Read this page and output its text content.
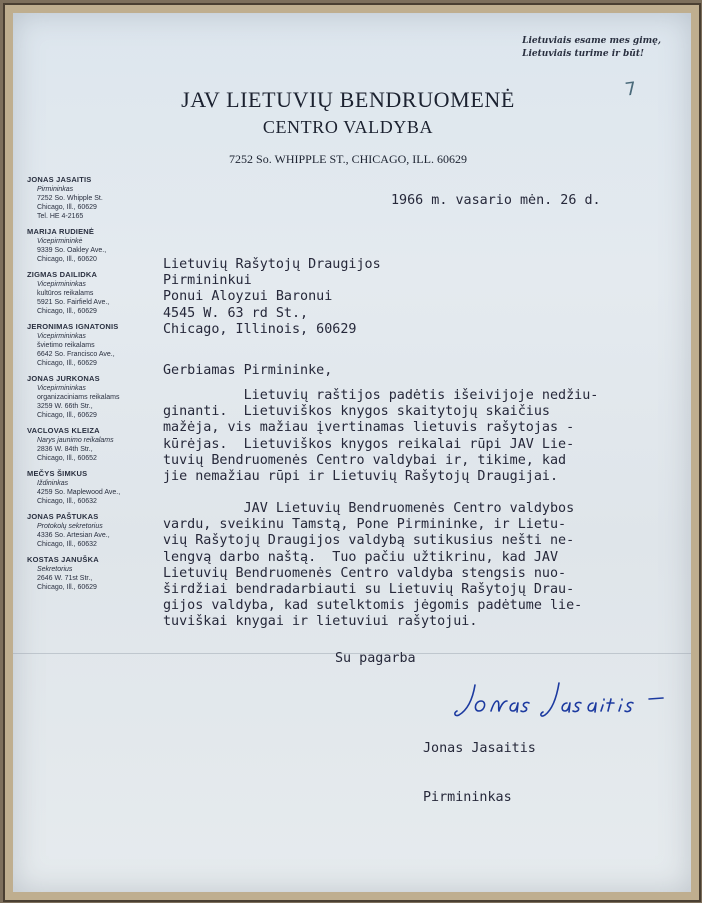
Lietuviais esame mes gimę,
Lietuviais turime ir būt!
7
JAV LIETUVIŲ BENDRUOMENĖ
CENTRO VALDYBA
7252 So. WHIPPLE ST., CHICAGO, ILL. 60629
JONAS JASAITIS
Pirmininkas
7252 So. Whipple St.
Chicago, Ill., 60629
Tel. HE 4-2165
MARIJA RUDIENĖ
Vicepirmininkė
9339 So. Oakley Ave.,
Chicago, Ill., 60620
ZIGMAS DAILIDKA
Vicepirmininkas
kultūros reikalams
5921 So. Fairfield Ave.,
Chicago, Ill., 60629
JERONIMAS IGNATONIS
Vicepirmininkas
švietimo reikalams
6642 So. Francisco Ave.,
Chicago, Ill., 60629
JONAS JURKONAS
Vicepirmininkas
organizaciniams reikalams
3259 W. 66th Str.,
Chicago, Ill., 60629
VACLOVAS KLEIZA
Narys jaunimo reikalams
2836 W. 84th Str.,
Chicago, Ill., 60652
MEČYS ŠIMKUS
Iždininkas
4259 So. Maplewood Ave.,
Chicago, Ill., 60632
JONAS PAŠTUKAS
Protokolų sekretorius
4336 So. Artesian Ave.,
Chicago, Ill., 60632
KOSTAS JANUŠKA
Sekretorius
2646 W. 71st Str.,
Chicago, Ill., 60629
1966 m. vasario mėn. 26 d.
Lietuvių Rašytojų Draugijos
Pirmininkui
Ponui Aloyzui Baronui
4545 W. 63 rd St.,
Chicago, Illinois, 60629
Gerbiamas Pirmininke,
Lietuvių raštijos padėtis išeivijoje nedžiu-
ginanti.  Lietuviškos knygos skaitytojų skaičius
mažėja, vis mažiau įvertinamas lietuvis rašytojas -
kūrėjas.  Lietuviškos knygos reikalai rūpi JAV Lie-
tuvių Bendruomenės Centro valdybai ir, tikime, kad
jie nemažiau rūpi ir Lietuvių Rašytojų Draugijai.
JAV Lietuvių Bendruomenės Centro valdybos
vardu, sveikinu Tamstą, Pone Pirmininke, ir Lietu-
vių Rašytojų Draugijos valdybą sutikusius nešti ne-
lengvą darbo naštą.  Tuo pačiu užtikrinu, kad JAV
Lietuvių Bendruomenės Centro valdyba stengsis nuo-
širdžiai bendradarbiauti su Lietuvių Rašytojų Drau-
gijos valdyba, kad sutelktomis jėgomis padėtume lie-
tuviškai knygai ir lietuviui rašytojui.
Su pagarba

Jonas Jasaitis

Pirmininkas
